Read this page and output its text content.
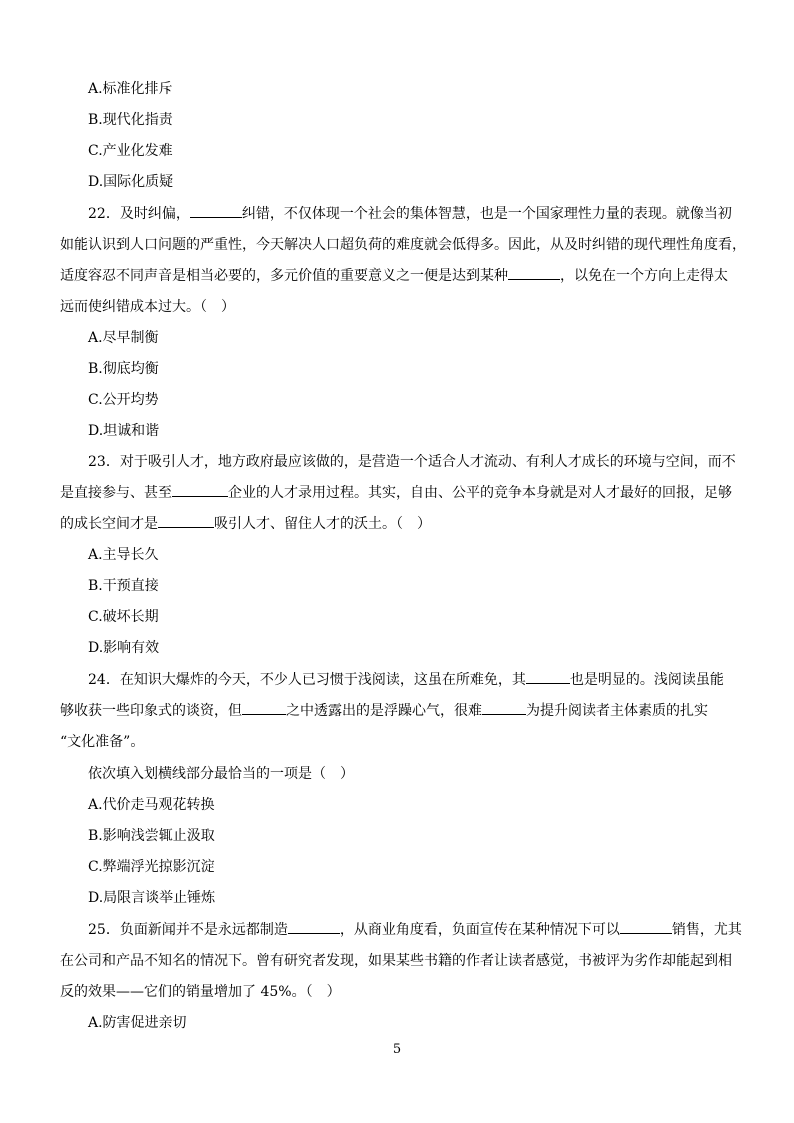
A.标准化排斥
B.现代化指责
C.产业化发难
D.国际化质疑
22．及时纠偏，	纠错，不仅体现一个社会的集体智慧，也是一个国家理性力量的表现。就像当初
如能认识到人口问题的严重性，今天解决人口超负荷的难度就会低得多。因此，从及时纠错的现代理性角度看，
适度容忍不同声音是相当必要的，多元价值的重要意义之一便是达到某种	，以免在一个方向上走得太
远而使纠错成本过大。（　）
A.尽早制衡
B.彻底均衡
C.公开均势
D.坦诚和谐
23．对于吸引人才，地方政府最应该做的，是营造一个适合人才流动、有利人才成长的环境与空间，而不
是直接参与、甚至	企业的人才录用过程。其实，自由、公平的竞争本身就是对人才最好的回报，足够
的成长空间才是	吸引人才、留住人才的沃土。（　）
A.主导长久
B.干预直接
C.破坏长期
D.影响有效
24．在知识大爆炸的今天，不少人已习惯于浅阅读，这虽在所难免，其	也是明显的。浅阅读虽能
够收获一些印象式的谈资，但	之中透露出的是浮躁心气，很难	为提升阅读者主体素质的扎实
“文化准备”。
依次填入划横线部分最恰当的一项是（　）
A.代价走马观花转换
B.影响浅尝辄止汲取
C.弊端浮光掠影沉淀
D.局限言谈举止锤炼
25．负面新闻并不是永远都制造	，从商业角度看，负面宣传在某种情况下可以	销售，尤其
在公司和产品不知名的情况下。曾有研究者发现，如果某些书籍的作者让读者感觉，书被评为劣作却能起到相
反的效果——它们的销量增加了 45%。（　）
A.防害促进亲切
5
